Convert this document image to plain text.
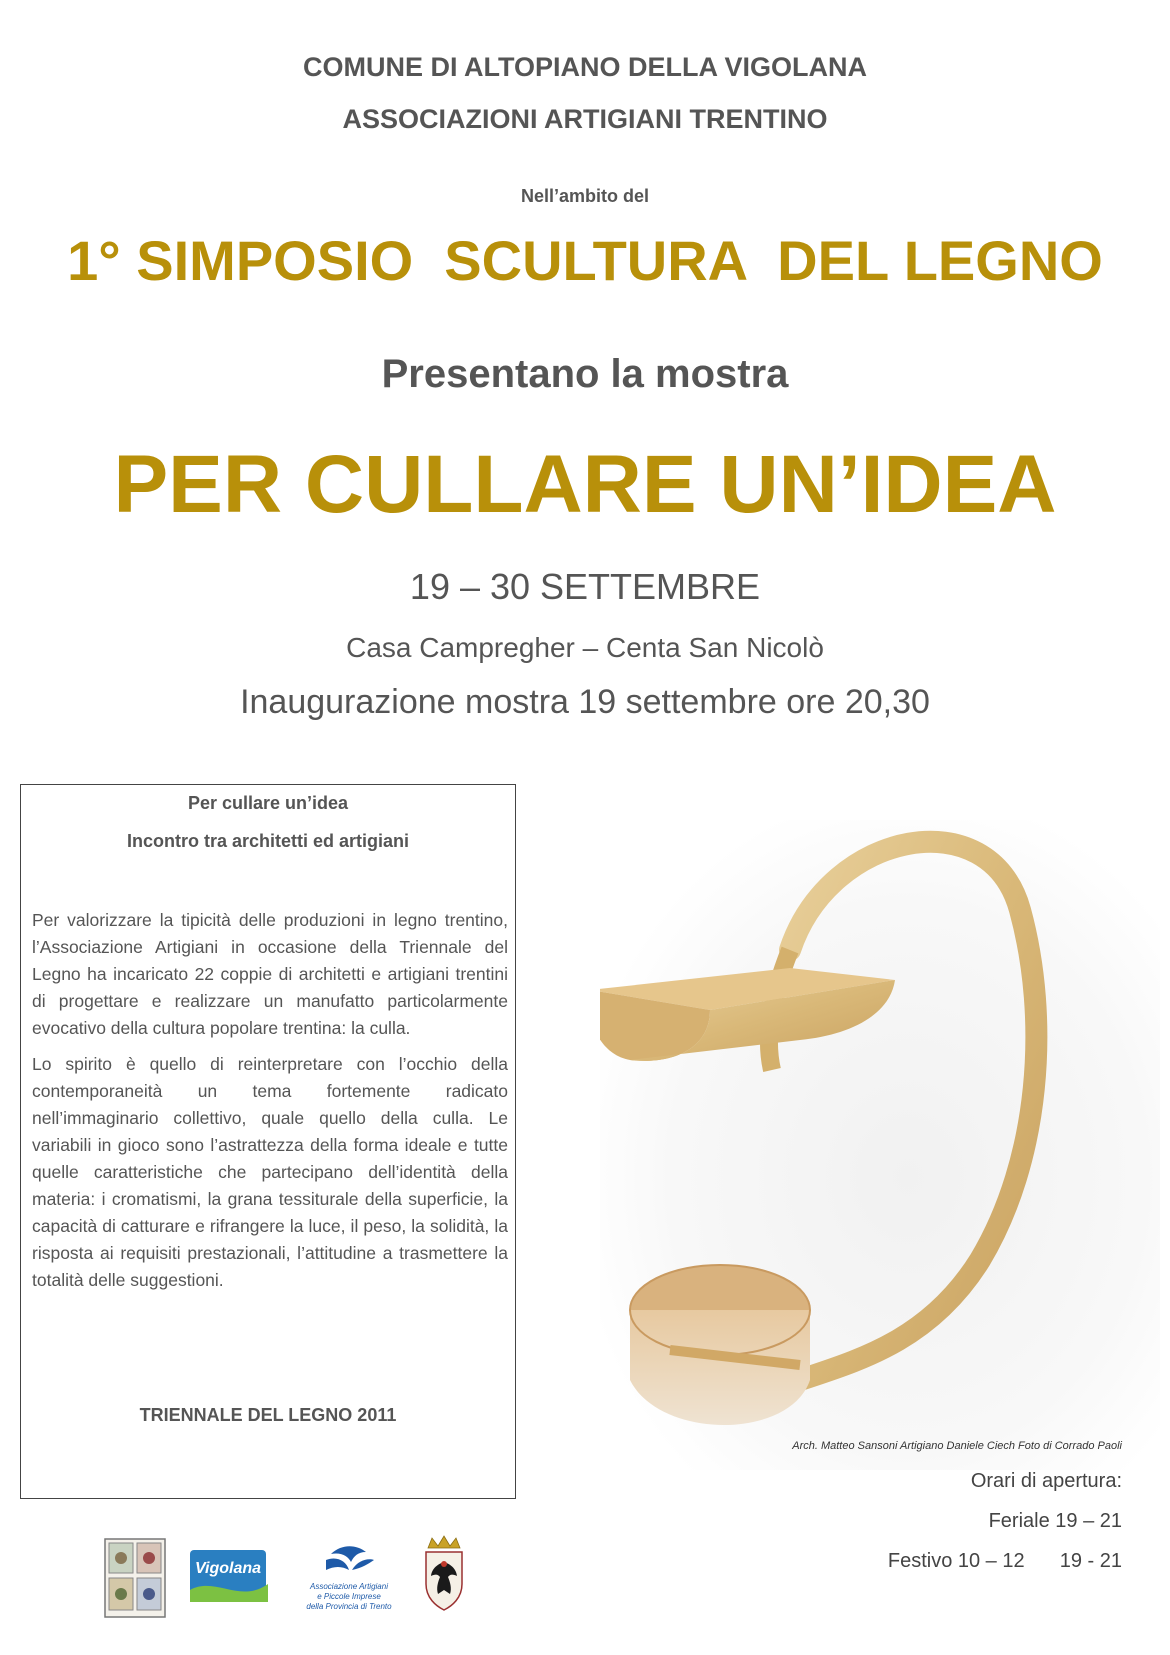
COMUNE DI ALTOPIANO DELLA VIGOLANA
ASSOCIAZIONI ARTIGIANI TRENTINO
Nell’ambito del
1° SIMPOSIO  SCULTURA  DEL LEGNO
Presentano la mostra
PER CULLARE UN’IDEA
19 – 30 SETTEMBRE
Casa Campregher – Centa San Nicolò
Inaugurazione mostra 19 settembre ore 20,30
Per cullare un’idea
Incontro tra architetti ed artigiani

Per valorizzare la tipicità delle produzioni in legno trentino, l’Associazione Artigiani in occasione della Triennale del Legno ha incaricato 22 coppie di architetti e artigiani trentini di progettare e realizzare un manufatto particolarmente evocativo della cultura popolare trentina: la culla.

Lo spirito è quello di reinterpretare con l’occhio della contemporaneità un tema fortemente radicato nell’immaginario collettivo, quale quello della culla. Le variabili in gioco sono l’astrattezza della forma ideale e tutte quelle caratteristiche che partecipano dell’identità della materia: i cromatismi, la grana tessiturale della superficie, la capacità di catturare e rifrangere la luce, il peso, la solidità, la risposta ai requisiti prestazionali, l’attitudine a trasmettere la totalità delle suggestioni.

TRIENNALE DEL LEGNO 2011
Arch. Matteo Sansoni Artigiano Daniele Ciech Foto di Corrado Paoli
Orari di apertura:
Feriale 19 – 21
Festivo 10 – 12 19 - 21
Vigolana
Associazione Artigiani
e Piccole Imprese
della Provincia di Trento
